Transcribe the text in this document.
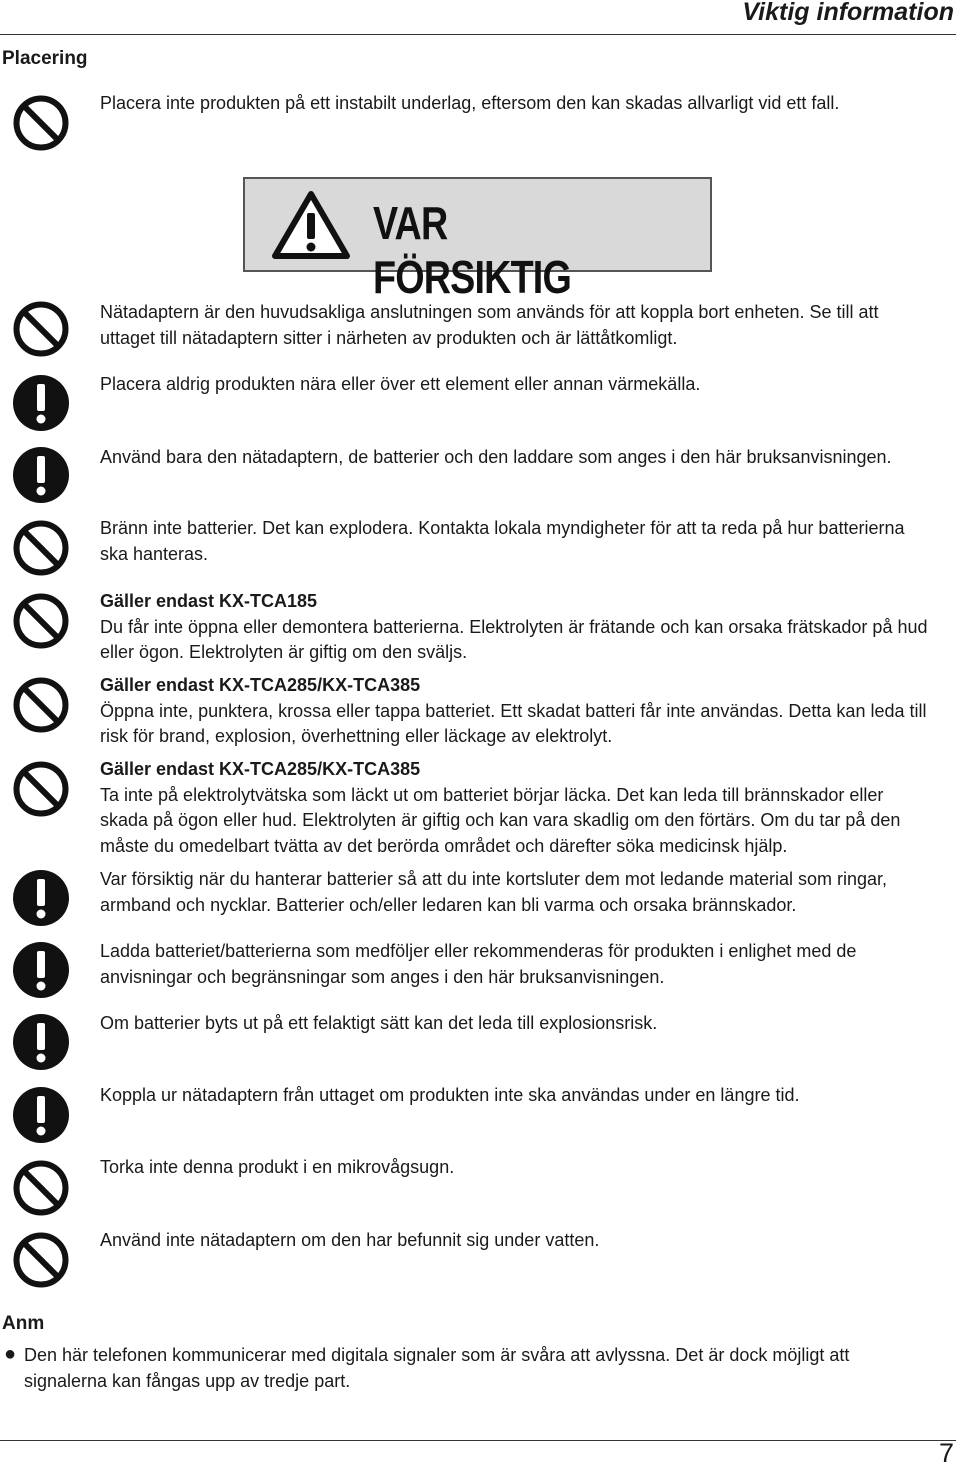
Viktig information
Placering
Placera inte produkten på ett instabilt underlag, eftersom den kan skadas allvarligt vid ett fall.
VAR FÖRSIKTIG
Nätadaptern är den huvudsakliga anslutningen som används för att koppla bort enheten. Se till att uttaget till nätadaptern sitter i närheten av produkten och är lättåtkomligt.
Placera aldrig produkten nära eller över ett element eller annan värmekälla.
Använd bara den nätadaptern, de batterier och den laddare som anges i den här bruksanvisningen.
Bränn inte batterier. Det kan explodera. Kontakta lokala myndigheter för att ta reda på hur batterierna ska hanteras.
Gäller endast KX-TCA185
Du får inte öppna eller demontera batterierna. Elektrolyten är frätande och kan orsaka frätskador på hud eller ögon. Elektrolyten är giftig om den sväljs.
Gäller endast KX-TCA285/KX-TCA385
Öppna inte, punktera, krossa eller tappa batteriet. Ett skadat batteri får inte användas. Detta kan leda till risk för brand, explosion, överhettning eller läckage av elektrolyt.
Gäller endast KX-TCA285/KX-TCA385
Ta inte på elektrolytvätska som läckt ut om batteriet börjar läcka. Det kan leda till brännskador eller skada på ögon eller hud. Elektrolyten är giftig och kan vara skadlig om den förtärs. Om du tar på den måste du omedelbart tvätta av det berörda området och därefter söka medicinsk hjälp.
Var försiktig när du hanterar batterier så att du inte kortsluter dem mot ledande material som ringar, armband och nycklar. Batterier och/eller ledaren kan bli varma och orsaka brännskador.
Ladda batteriet/batterierna som medföljer eller rekommenderas för produkten i enlighet med de anvisningar och begränsningar som anges i den här bruksanvisningen.
Om batterier byts ut på ett felaktigt sätt kan det leda till explosionsrisk.
Koppla ur nätadaptern från uttaget om produkten inte ska användas under en längre tid.
Torka inte denna produkt i en mikrovågsugn.
Använd inte nätadaptern om den har befunnit sig under vatten.
Anm
● Den här telefonen kommunicerar med digitala signaler som är svåra att avlyssna. Det är dock möjligt att signalerna kan fångas upp av tredje part.
7
